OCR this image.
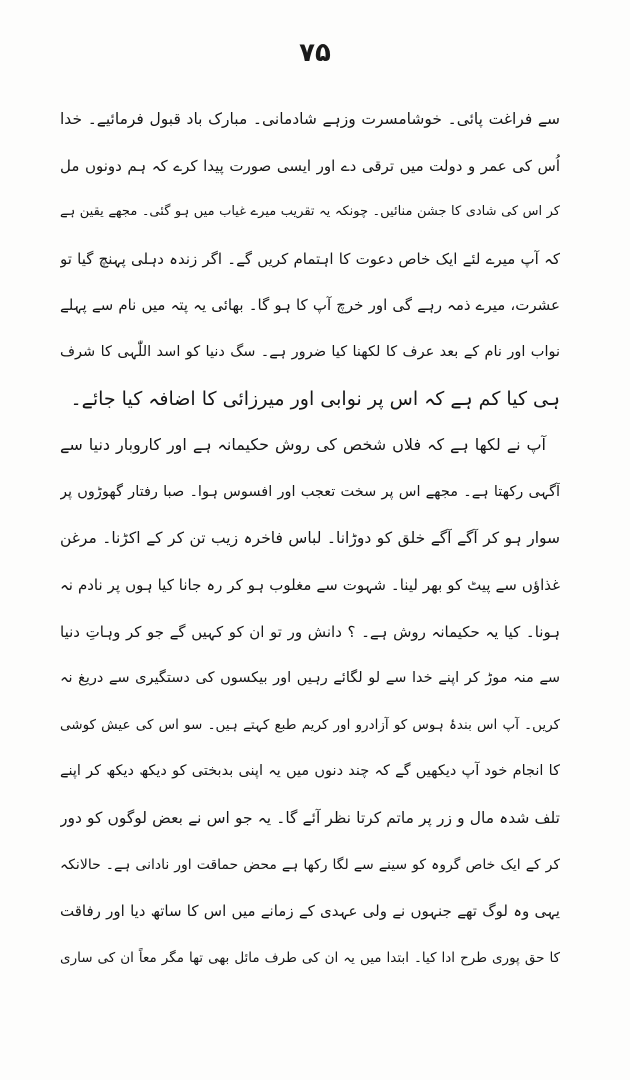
۷۵
سے فراغت پائی۔ خوشامسرت وزہے شادمانی۔ مبارک باد قبول فرمائیے۔ خدا
اُس کی عمر و دولت میں ترقی دے اور ایسی صورت پیدا کرے کہ ہم دونوں مل
کر اس کی شادی کا جشن منائیں۔ چونکہ یہ تقریب میرے غیاب میں ہو گئی۔ مجھے یقین ہے
کہ آپ میرے لئے ایک خاص دعوت کا اہتمام کریں گے۔ اگر زندہ دہلی پہنچ گیا تو
عشرت، میرے ذمہ رہے گی اور خرچ آپ کا ہو گا۔ بھائی یہ پتہ میں نام سے پہلے
نواب اور نام کے بعد عرف کا لکھنا کیا ضرور ہے۔ سگ دنیا کو اسد اللّٰہی کا شرف
ہی کیا کم ہے کہ اس پر نوابی اور میرزائی کا اضافہ کیا جائے۔
آپ نے لکھا ہے کہ فلاں شخص کی روش حکیمانہ ہے اور کاروبار دنیا سے
آگہی رکھتا ہے۔ مجھے اس پر سخت تعجب اور افسوس ہوا۔ صبا رفتار گھوڑوں پر
سوار ہو کر آگے آگے خلق کو دوڑانا۔ لباس فاخرہ زیب تن کر کے اکڑنا۔ مرغن
غذاؤں سے پیٹ کو بھر لینا۔ شہوت سے مغلوب ہو کر رہ جانا کیا ہوں پر نادم نہ
ہونا۔ کیا یہ حکیمانہ روش ہے۔ ؟ دانش ور تو ان کو کہیں گے جو کر وہاتِ دنیا
سے منہ موڑ کر اپنے خدا سے لو لگائے رہیں اور بیکسوں کی دستگیری سے دریغ نہ
کریں۔ آپ اس بندۂ ہوس کو آزادرو اور کریم طبع کہتے ہیں۔ سو اس کی عیش کوشی
کا انجام خود آپ دیکھیں گے کہ چند دنوں میں یہ اپنی بدبختی کو دیکھ دیکھ کر اپنے
تلف شدہ مال و زر پر ماتم کرتا نظر آئے گا۔ یہ جو اس نے بعض لوگوں کو دور
کر کے ایک خاص گروہ کو سینے سے لگا رکھا ہے محض حماقت اور نادانی ہے۔ حالانکہ
یہی وہ لوگ تھے جنہوں نے ولی عہدی کے زمانے میں اس کا ساتھ دیا اور رفاقت
کا حق پوری طرح ادا کیا۔ ابتدا میں یہ ان کی طرف مائل بھی تھا مگر معاً ان کی ساری
